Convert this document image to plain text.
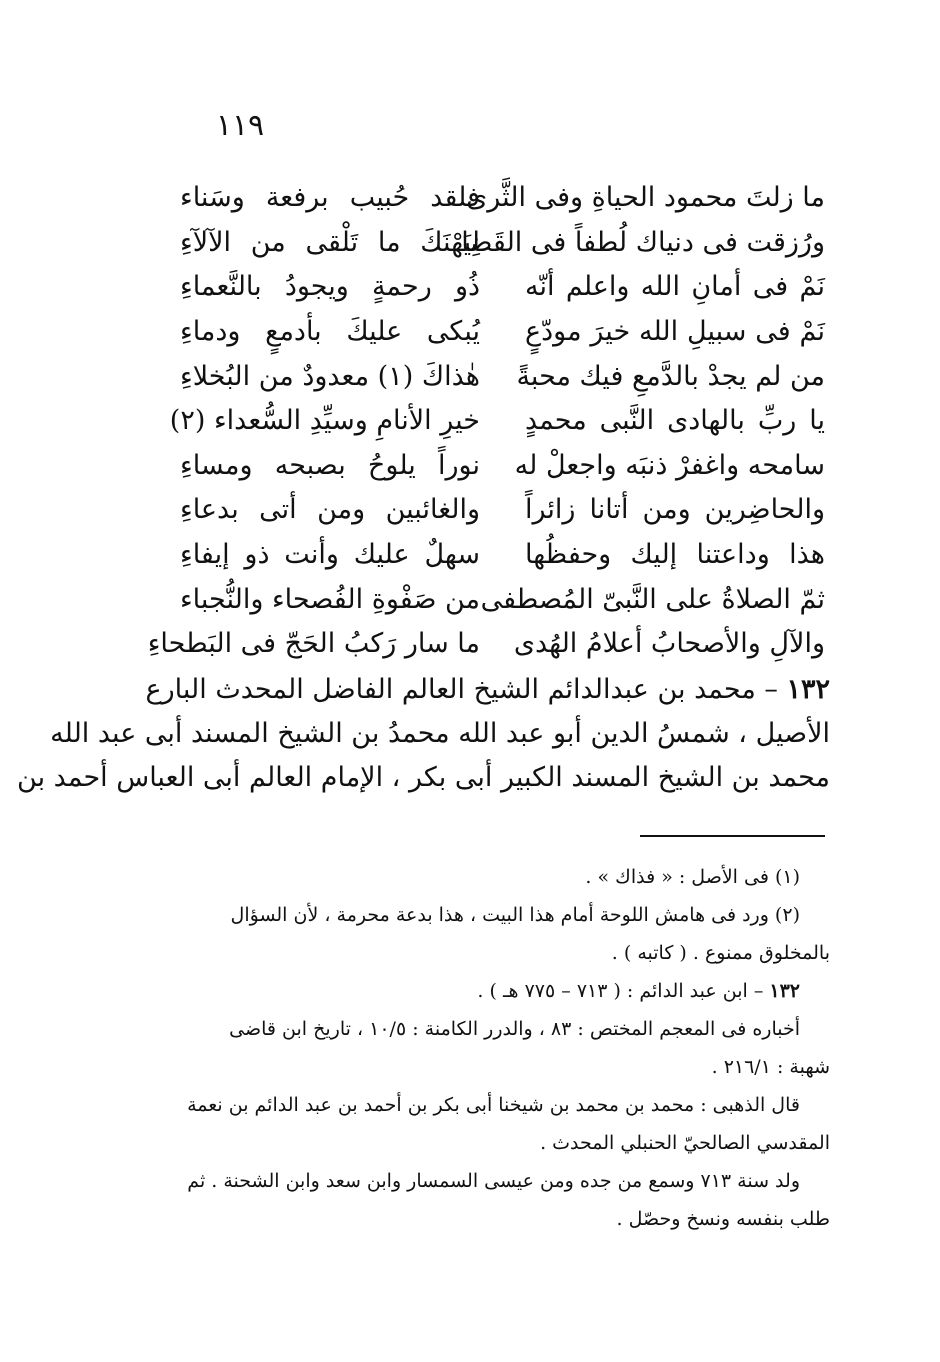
١١٩
ما زلتَ محمود الحياةِ وفى الثَّرى
فلقد حُبيب برفعة وسَناء
ورُزقت فى دنياك لُطفاً فى القَضا
لِيَهْنَكَ ما تَلْقى من الآلآءِ
نَمْ فى أمانِ الله واعلم أنّه
ذُو رحمةٍ ويجودُ بالنَّعماءِ
نَمْ فى سبيلِ الله خيرَ مودّعٍ
يُبكى عليكَ بأدمعٍ ودماءِ
من لم يجدْ بالدَّمعِ فيك محبةً
هٰذاكَ (١) معدودٌ من البُخلاءِ
يا ربِّ بالهادى النَّبى محمدٍ
خيرِ الأنامِ وسيِّدِ السُّعداء (٢)
سامحه واغفرْ ذنبَه واجعلْ له
نوراً يلوحُ بصبحه ومساءِ
والحاضِرين ومن أتانا زائراً
والغائبين ومن أتى بدعاءِ
هذا وداعتنا إليك وحفظُها
سهلٌ عليك وأنت ذو إيفاءِ
ثمّ الصلاةُ على النَّبىّ المُصطفى
من صَفْوةِ الفُصحاء والنُّجباء
والآلِ والأصحابُ أعلامُ الهُدى
ما سار رَكبُ الحَجّ فى البَطحاءِ
١٣٢ – محمد بن عبدالدائم الشيخ العالم الفاضل المحدث البارع
الأصيل ، شمسُ الدين أبو عبد الله محمدُ بن الشيخ المسند أبى عبد الله
محمد بن الشيخ المسند الكبير أبى بكر ، الإمام العالم أبى العباس أحمد بن
(١) فى الأصل : « فذاك » .
(٢) ورد فى هامش اللوحة أمام هذا البيت ، هذا بدعة محرمة ، لأن السؤال
بالمخلوق ممنوع . ( كاتبه ) .
١٣٢ – ابن عبد الدائم : ( ٧١٣ – ٧٧٥ هـ ) .
أخباره فى المعجم المختص : ٨٣ ، والدرر الكامنة : ١٠/٥ ، تاريخ ابن قاضى
شهبة : ٢١٦/١ .
قال الذهبى : محمد بن محمد بن شيخنا أبى بكر بن أحمد بن عبد الدائم بن نعمة
المقدسي الصالحيّ الحنبلي المحدث .
ولد سنة ٧١٣ وسمع من جده ومن عيسى السمسار وابن سعد وابن الشحنة . ثم
طلب بنفسه ونسخ وحصّل .
